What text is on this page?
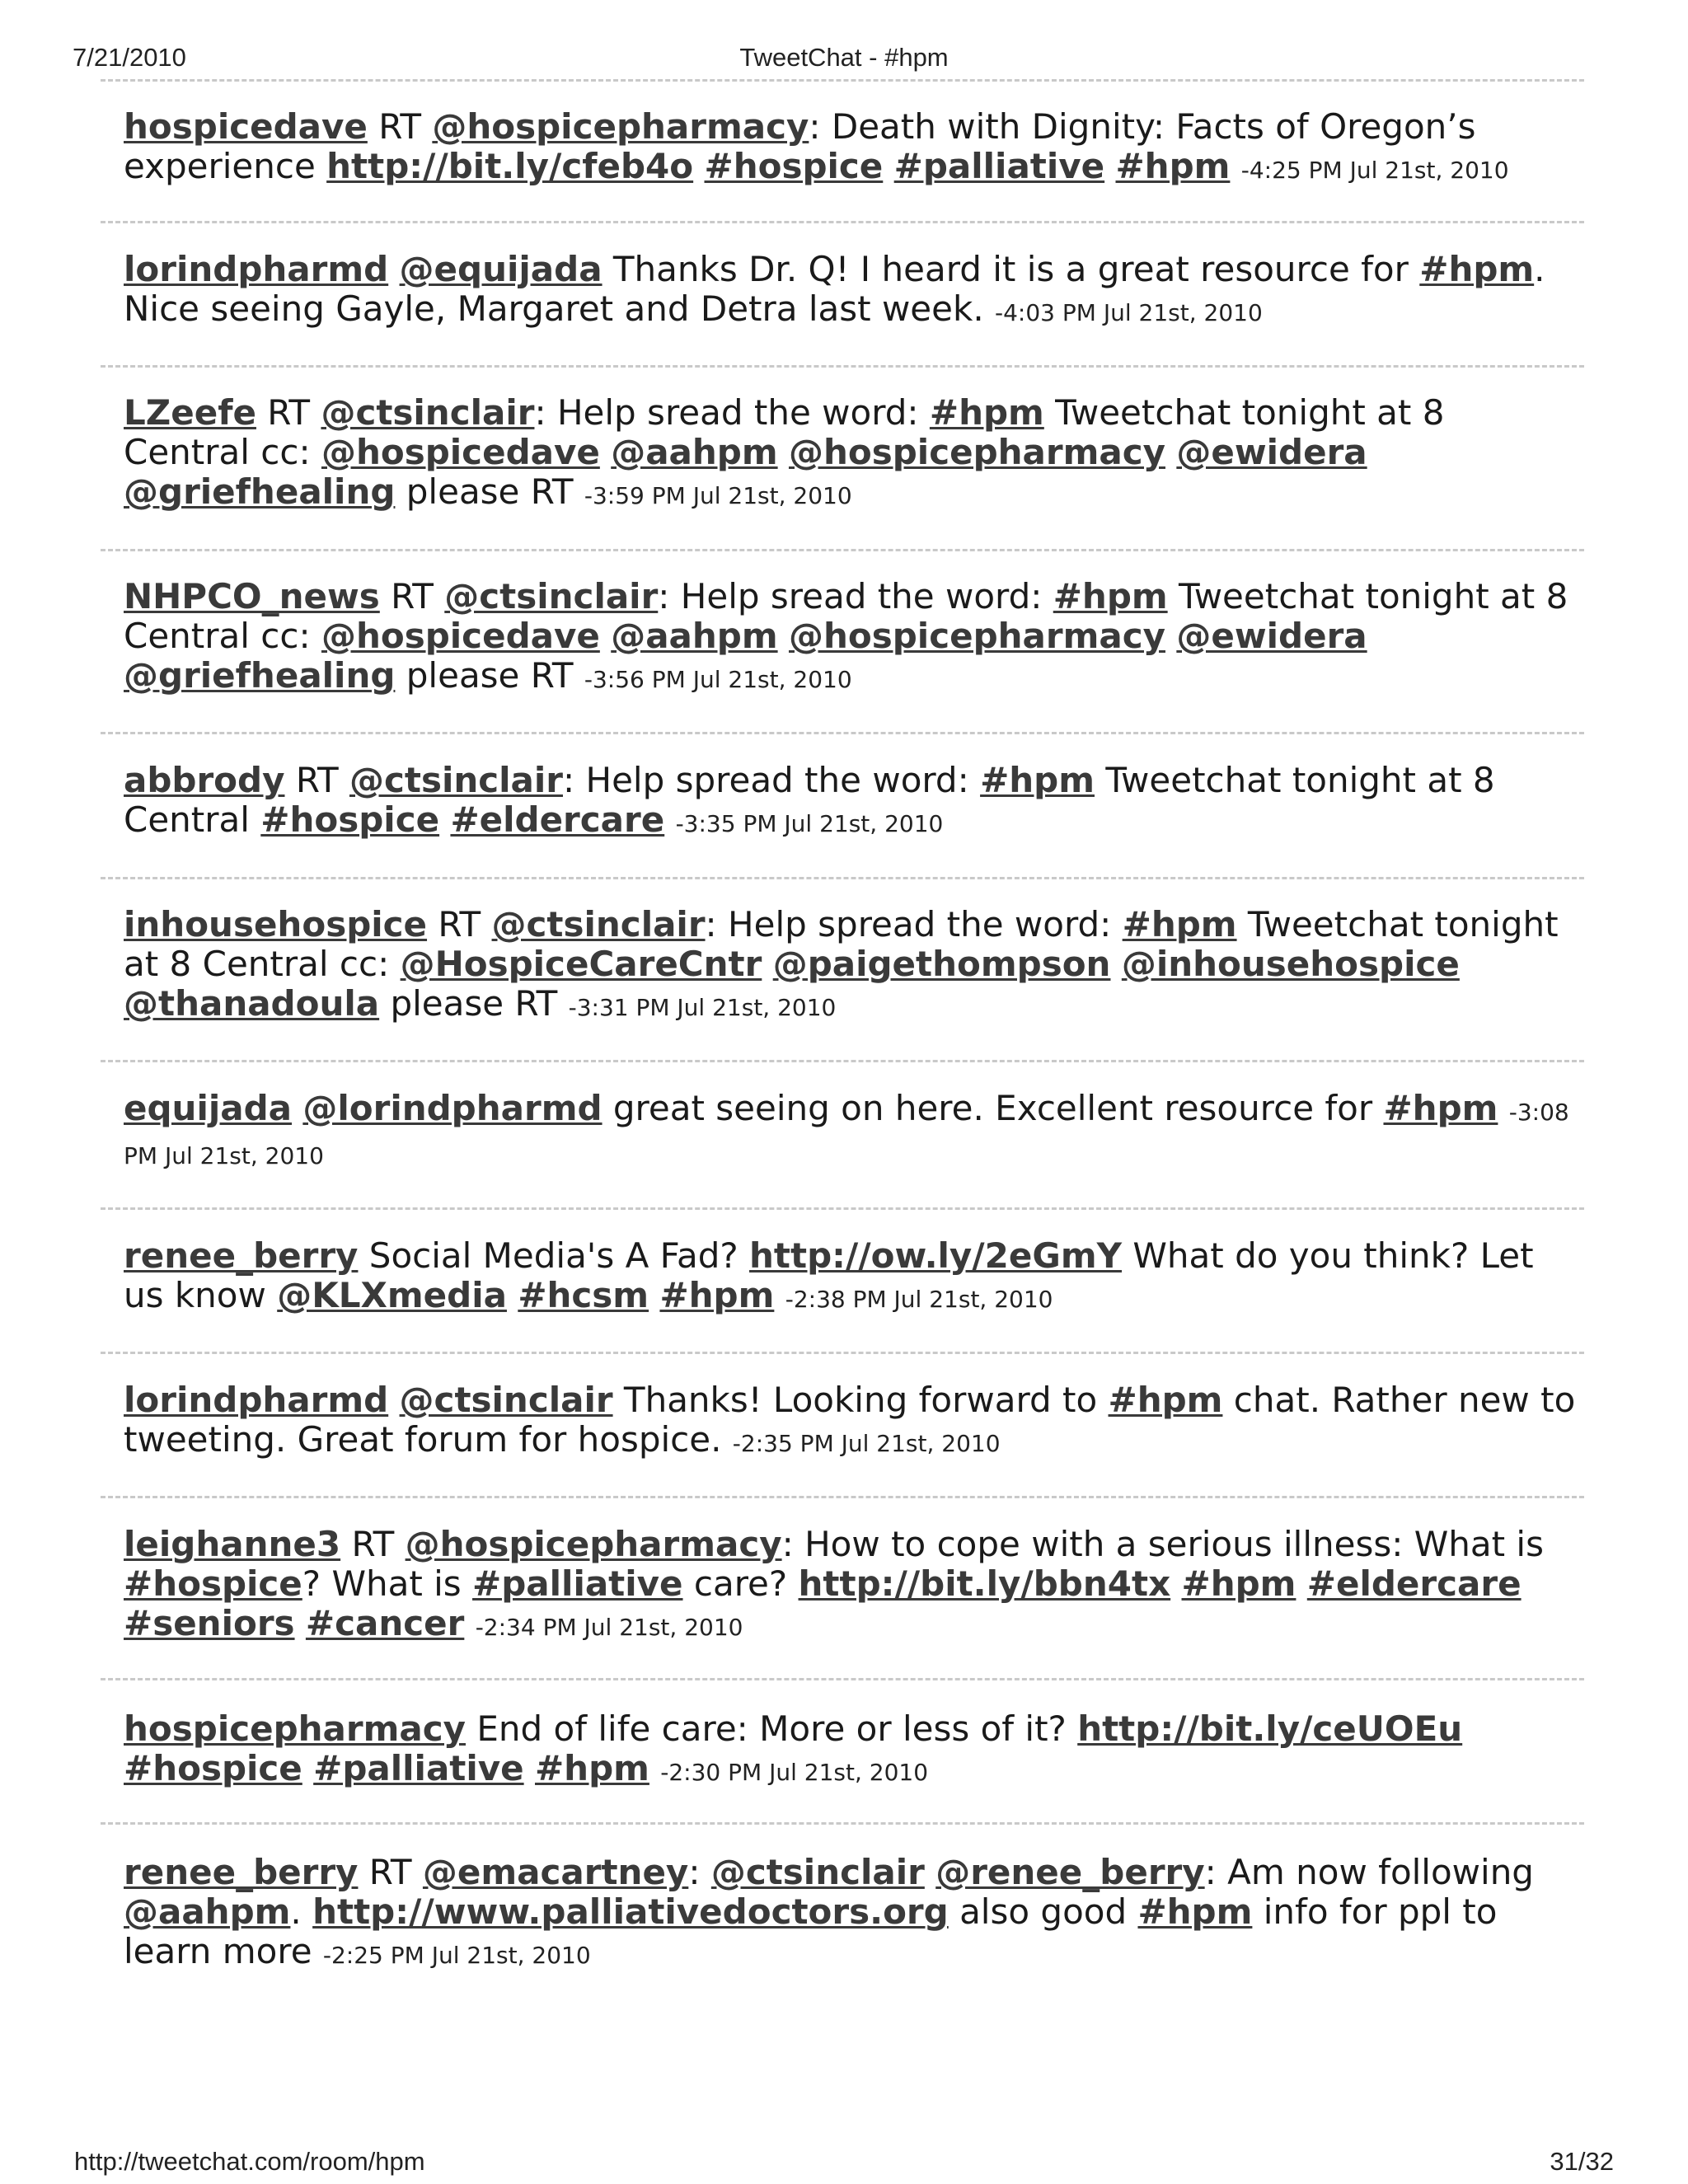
7/21/2010	TweetChat - #hpm
hospicedave RT @hospicepharmacy: Death with Dignity: Facts of Oregon’s experience http://bit.ly/cfeb4o #hospice #palliative #hpm -4:25 PM Jul 21st, 2010
lorindpharmd @equijada Thanks Dr. Q! I heard it is a great resource for #hpm. Nice seeing Gayle, Margaret and Detra last week. -4:03 PM Jul 21st, 2010
LZeefe RT @ctsinclair: Help sread the word: #hpm Tweetchat tonight at 8 Central cc: @hospicedave @aahpm @hospicepharmacy @ewidera @griefhealing please RT -3:59 PM Jul 21st, 2010
NHPCO_news RT @ctsinclair: Help sread the word: #hpm Tweetchat tonight at 8 Central cc: @hospicedave @aahpm @hospicepharmacy @ewidera @griefhealing please RT -3:56 PM Jul 21st, 2010
abbrody RT @ctsinclair: Help spread the word: #hpm Tweetchat tonight at 8 Central #hospice #eldercare -3:35 PM Jul 21st, 2010
inhousehospice RT @ctsinclair: Help spread the word: #hpm Tweetchat tonight at 8 Central cc: @HospiceCareCntr @paigethompson @inhousehospice @thanadoula please RT -3:31 PM Jul 21st, 2010
equijada @lorindpharmd great seeing on here. Excellent resource for #hpm -3:08 PM Jul 21st, 2010
renee_berry Social Media's A Fad? http://ow.ly/2eGmY What do you think? Let us know @KLXmedia #hcsm #hpm -2:38 PM Jul 21st, 2010
lorindpharmd @ctsinclair Thanks! Looking forward to #hpm chat. Rather new to tweeting. Great forum for hospice. -2:35 PM Jul 21st, 2010
leighanne3 RT @hospicepharmacy: How to cope with a serious illness: What is #hospice? What is #palliative care? http://bit.ly/bbn4tx #hpm #eldercare #seniors #cancer -2:34 PM Jul 21st, 2010
hospicepharmacy End of life care: More or less of it? http://bit.ly/ceUOEu #hospice #palliative #hpm -2:30 PM Jul 21st, 2010
renee_berry RT @emacartney: @ctsinclair @renee_berry: Am now following @aahpm. http://www.palliativedoctors.org also good #hpm info for ppl to learn more -2:25 PM Jul 21st, 2010
http://tweetchat.com/room/hpm	31/32
